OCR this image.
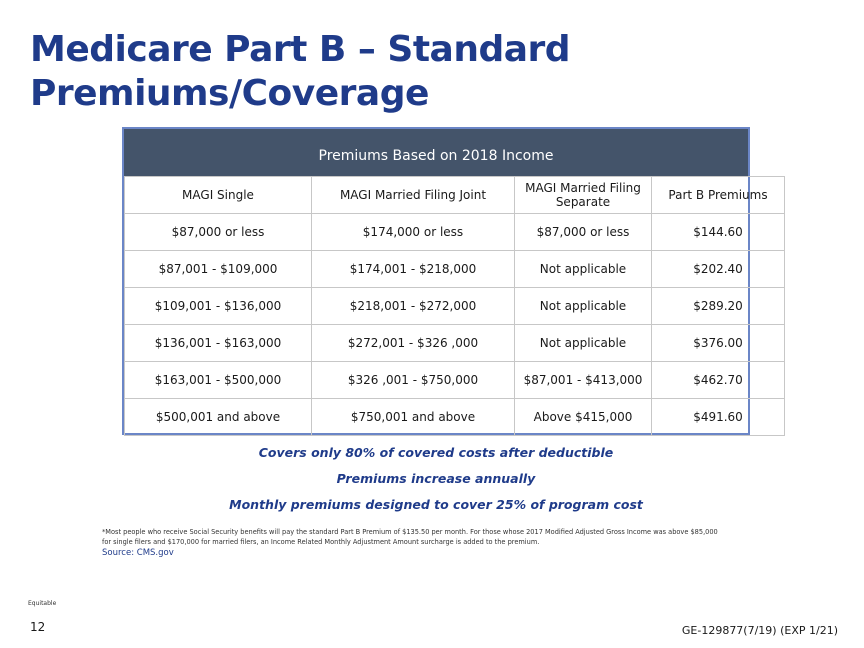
Medicare Part B – Standard
Premiums/Coverage
Premiums Based on 2018 Income
MAGI Single	MAGI Married Filing Joint	MAGI Married Filing Separate	Part B Premiums
$87,000 or less	$174,000 or less	$87,000 or less	$144.60
$87,001 - $109,000	$174,001 - $218,000	Not applicable	$202.40
$109,001 - $136,000	$218,001 - $272,000	Not applicable	$289.20
$136,001 - $163,000	$272,001 - $326 ,000	Not applicable	$376.00
$163,001 - $500,000	$326 ,001 - $750,000	$87,001 - $413,000	$462.70
$500,001 and above	$750,001 and above	Above $415,000	$491.60
Covers only 80% of covered costs after deductible
Premiums increase annually
Monthly premiums designed to cover 25% of program cost
*Most people who receive Social Security benefits will pay the standard Part B Premium of $135.50 per month. For those whose 2017 Modified Adjusted Gross Income was above $85,000
for single filers and $170,000 for married filers, an Income Related Monthly Adjustment Amount surcharge is added to the premium.
Source: CMS.gov
Equitable
12	GE-129877(7/19) (EXP 1/21)
